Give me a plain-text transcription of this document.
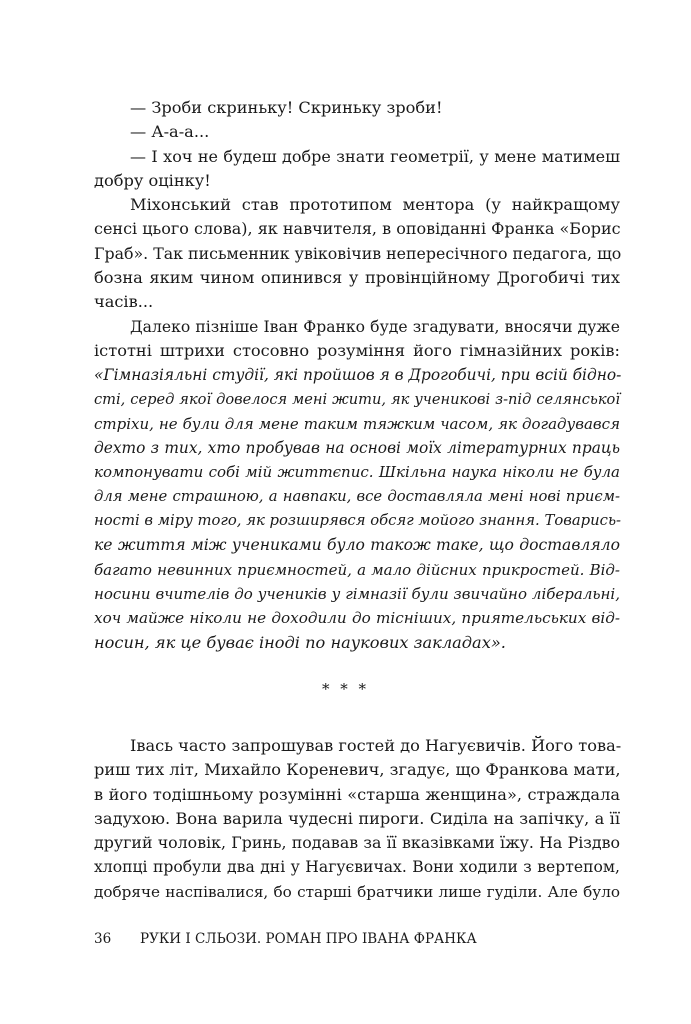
— Зроби скриньку! Скриньку зроби!
— А-а-а...
— І хоч не будеш добре знати геометрії, у мене матимеш
добру оцінку!
Міхонський став прототипом ментора (у найкращому
сенсі цього слова), як навчителя, в оповіданні Франка «Борис
Граб». Так письменник увіковічив непересічного педагога, що
бозна яким чином опинився у провінційному Дрогобичі тих
часів...
Далеко пізніше Іван Франко буде згадувати, вносячи дуже
істотні штрихи стосовно розуміння його гімназійних років:
«Гімназіяльні студії, які пройшов я в Дрогобичі, при всій бідно-
сті, серед якої довелося мені жити, як ученикові з-під селянської
стріхи, не були для мене таким тяжким часом, як догадувався
дехто з тих, хто пробував на основі моїх літературних праць
компонувати собі мій життєпис. Шкільна наука ніколи не була
для мене страшною, а навпаки, все доставляла мені нові приєм-
ності в міру того, як розширявся обсяг мойого знання. Товарись-
ке життя між учениками було також таке, що доставляло
багато невинних приємностей, а мало дійсних прикростей. Від-
носини вчителів до учеників у гімназії були звичайно ліберальні,
хоч майже ніколи не доходили до тісніших, приятельських від-
носин, як це буває іноді по наукових закладах».
* * *
Івась часто запрошував гостей до Нагуєвичів. Його това-
риш тих літ, Михайло Кореневич, згадує, що Франкова мати,
в його тодішньому розумінні «старша женщина», страждала
задухою. Вона варила чудесні пироги. Сиділа на запічку, а її
другий чоловік, Гринь, подавав за її вказівками їжу. На Різдво
хлопці пробули два дні у Нагуєвичах. Вони ходили з вертепом,
добряче наспівалися, бо старші братчики лише гуділи. Але було
36 РУКИ І СЛЬОЗИ. РОМАН ПРО ІВАНА ФРАНКА
